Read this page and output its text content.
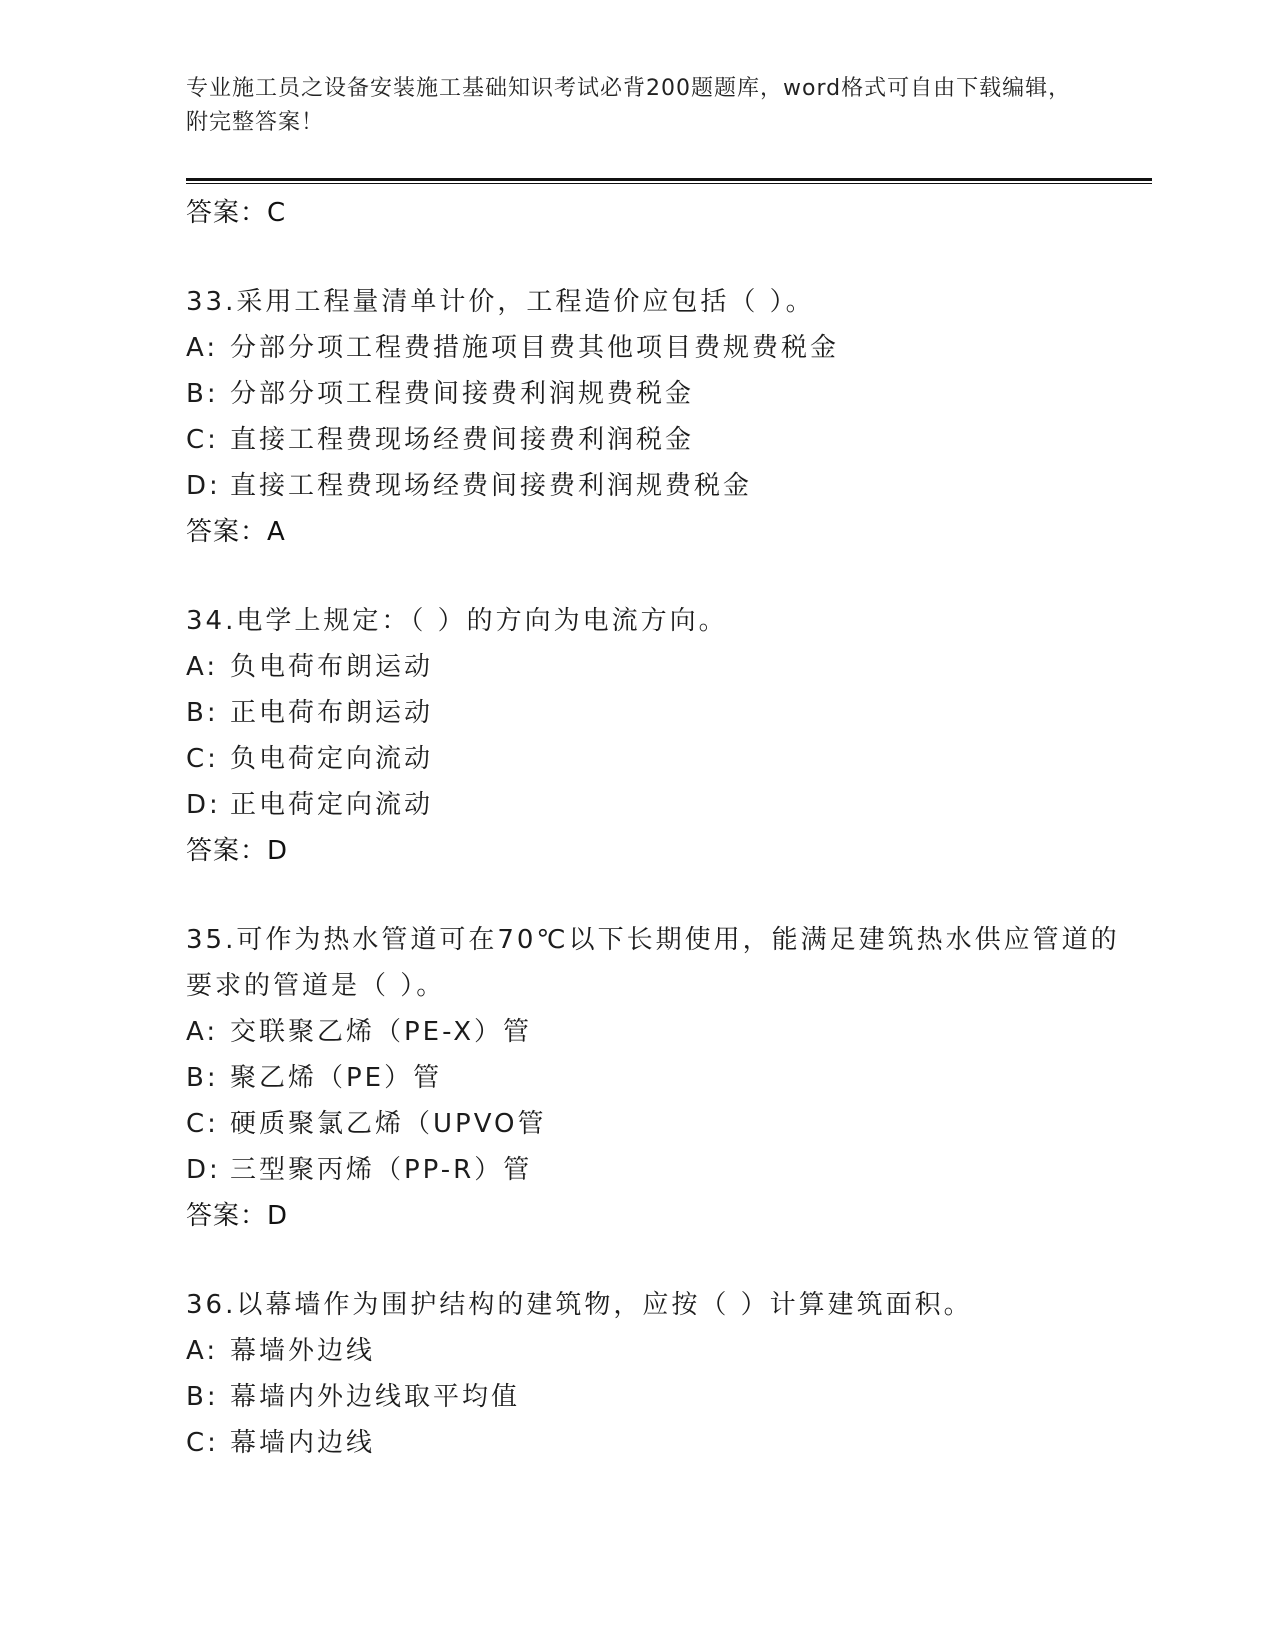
专业施工员之设备安装施工基础知识考试必背200题题库，word格式可自由下载编辑，附完整答案！

答案：C

33.采用工程量清单计价，工程造价应包括（ ）。

A: 分部分项工程费措施项目费其他项目费规费税金

B: 分部分项工程费间接费利润规费税金

C: 直接工程费现场经费间接费利润税金

D: 直接工程费现场经费间接费利润规费税金

答案：A

34.电学上规定：（ ）的方向为电流方向。

A: 负电荷布朗运动

B: 正电荷布朗运动

C: 负电荷定向流动

D: 正电荷定向流动

答案：D

35.可作为热水管道可在70℃以下长期使用，能满足建筑热水供应管道的要求的管道是（ ）。

A: 交联聚乙烯（PE-X）管

B: 聚乙烯（PE）管

C: 硬质聚氯乙烯（UPVO管

D: 三型聚丙烯（PP-R）管

答案：D

36.以幕墙作为围护结构的建筑物，应按（ ）计算建筑面积。

A: 幕墙外边线

B: 幕墙内外边线取平均值

C: 幕墙内边线
